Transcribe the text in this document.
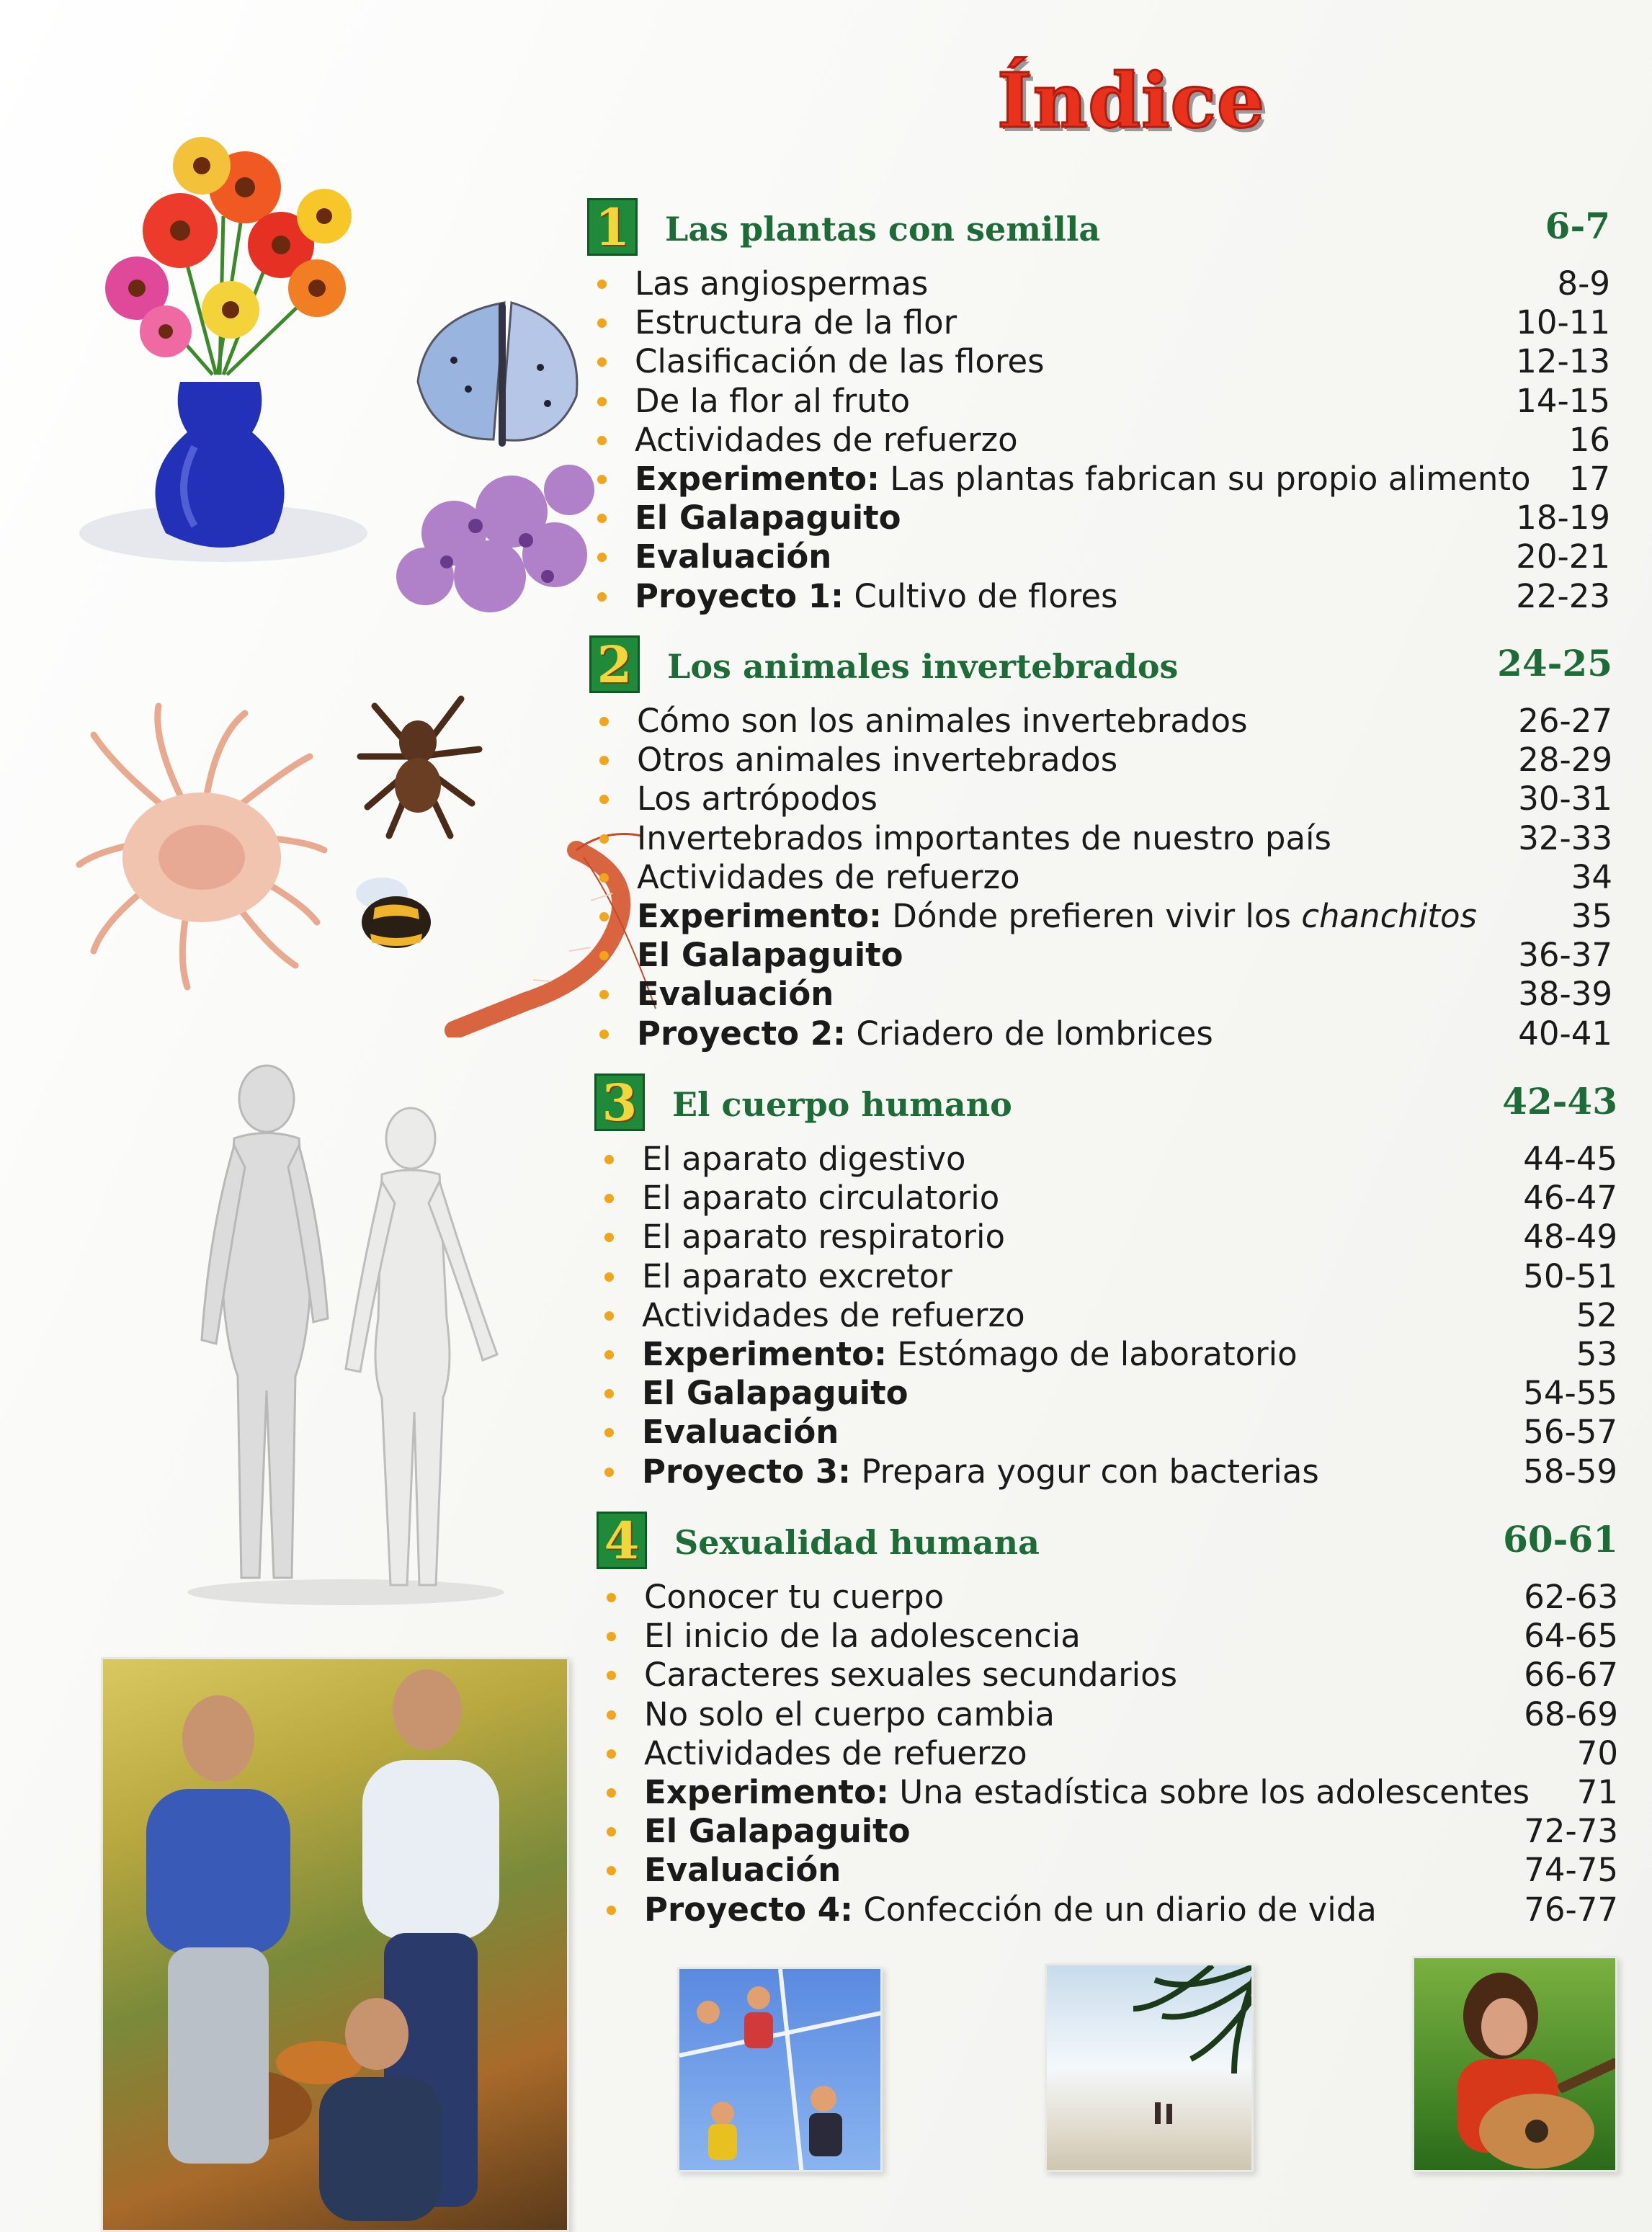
Índice
1 Las plantas con semilla	6-7
Las angiospermas	8-9
Estructura de la flor	10-11
Clasificación de las flores	12-13
De la flor al fruto	14-15
Actividades de refuerzo	16
Experimento: Las plantas fabrican su propio alimento 17
El Galapaguito	18-19
Evaluación	20-21
Proyecto 1: Cultivo de flores	22-23
2 Los animales invertebrados	24-25
Cómo son los animales invertebrados	26-27
Otros animales invertebrados	28-29
Los artrópodos	30-31
Invertebrados importantes de nuestro país	32-33
Actividades de refuerzo	34
Experimento: Dónde prefieren vivir los chanchitos	35
El Galapaguito	36-37
Evaluación	38-39
Proyecto 2: Criadero de lombrices	40-41
3 El cuerpo humano	42-43
El aparato digestivo	44-45
El aparato circulatorio	46-47
El aparato respiratorio	48-49
El aparato excretor	50-51
Actividades de refuerzo	52
Experimento: Estómago de laboratorio	53
El Galapaguito	54-55
Evaluación	56-57
Proyecto 3: Prepara yogur con bacterias	58-59
4 Sexualidad humana	60-61
Conocer tu cuerpo	62-63
El inicio de la adolescencia	64-65
Caracteres sexuales secundarios	66-67
No solo el cuerpo cambia	68-69
Actividades de refuerzo	70
Experimento: Una estadística sobre los adolescentes 71
El Galapaguito	72-73
Evaluación	74-75
Proyecto 4: Confección de un diario de vida	76-77
